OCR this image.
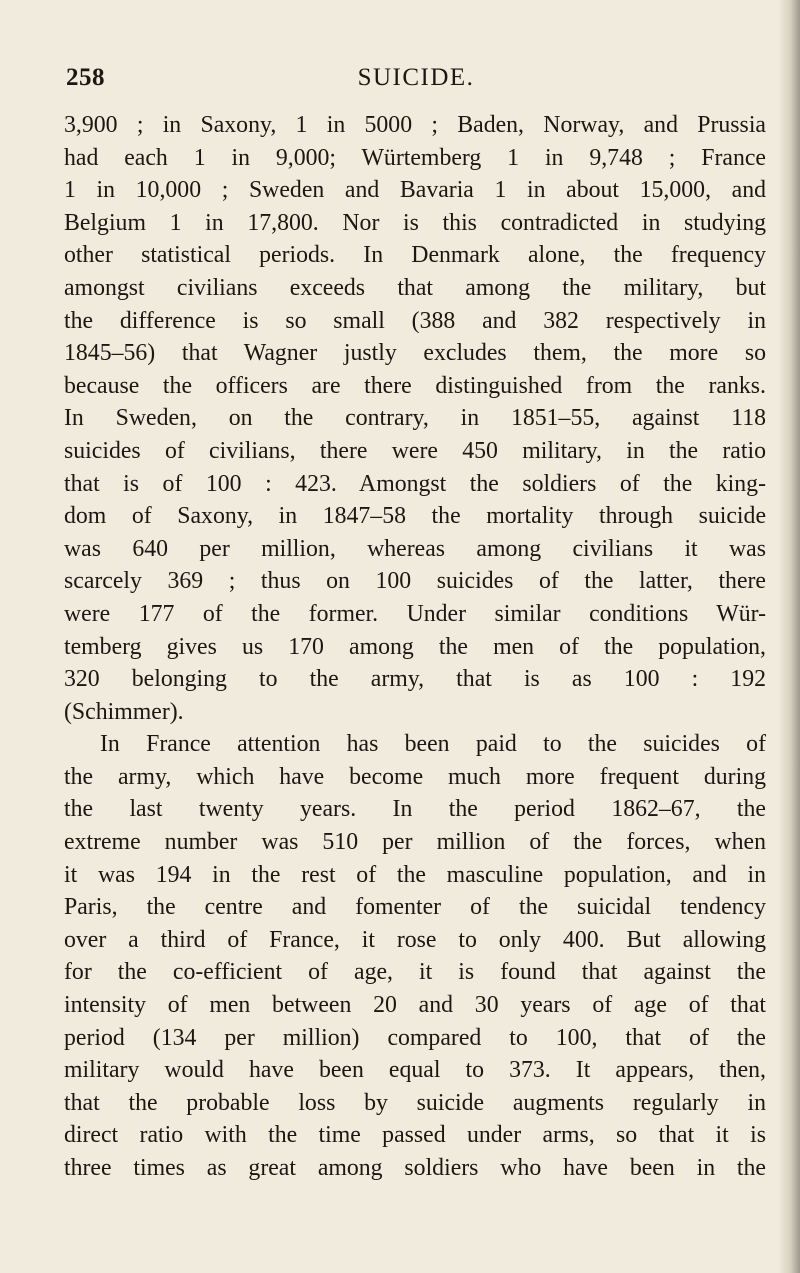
258	SUICIDE.
3,900 ; in Saxony, 1 in 5000 ; Baden, Norway, and Prussia
had each 1 in 9,000; Würtemberg 1 in 9,748 ; France
1 in 10,000 ; Sweden and Bavaria 1 in about 15,000, and
Belgium 1 in 17,800. Nor is this contradicted in studying
other statistical periods. In Denmark alone, the frequency
amongst civilians exceeds that among the military, but
the difference is so small (388 and 382 respectively in
1845–56) that Wagner justly excludes them, the more so
because the officers are there distinguished from the ranks.
In Sweden, on the contrary, in 1851–55, against 118
suicides of civilians, there were 450 military, in the ratio
that is of 100 : 423. Amongst the soldiers of the king-
dom of Saxony, in 1847–58 the mortality through suicide
was 640 per million, whereas among civilians it was
scarcely 369 ; thus on 100 suicides of the latter, there
were 177 of the former. Under similar conditions Wür-
temberg gives us 170 among the men of the population,
320 belonging to the army, that is as 100 : 192
(Schimmer).
In France attention has been paid to the suicides of
the army, which have become much more frequent during
the last twenty years. In the period 1862–67, the
extreme number was 510 per million of the forces, when
it was 194 in the rest of the masculine population, and in
Paris, the centre and fomenter of the suicidal tendency
over a third of France, it rose to only 400. But allowing
for the co-efficient of age, it is found that against the
intensity of men between 20 and 30 years of age of that
period (134 per million) compared to 100, that of the
military would have been equal to 373. It appears, then,
that the probable loss by suicide augments regularly in
direct ratio with the time passed under arms, so that it is
three times as great among soldiers who have been in the
